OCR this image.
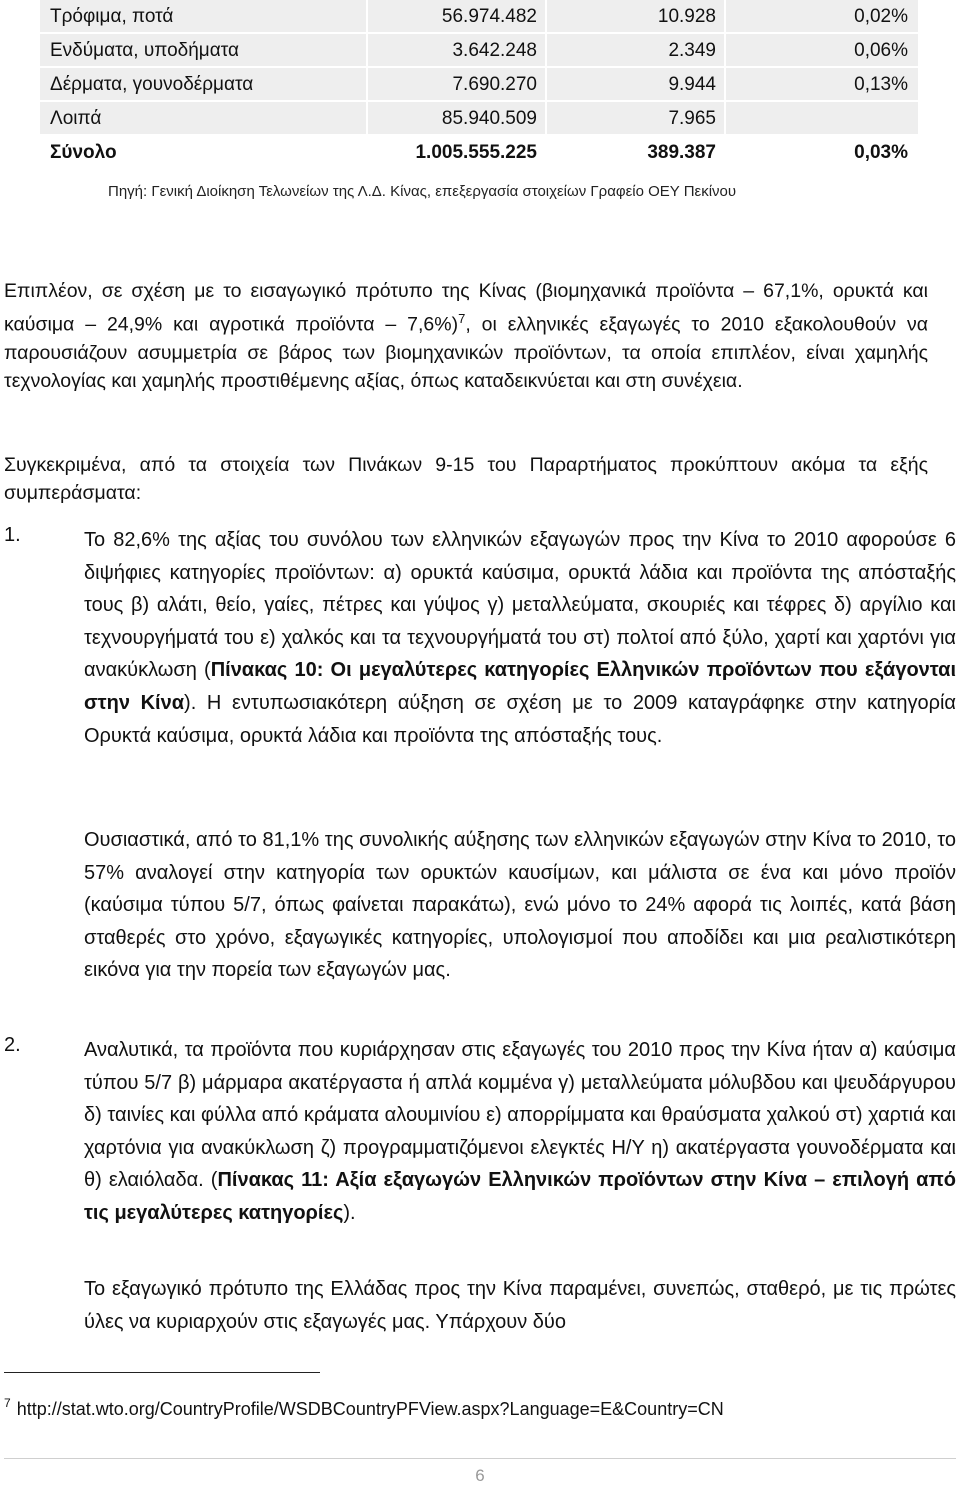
Τρόφιμα, ποτά	56.974.482	10.928	0,02%
Ενδύματα, υποδήματα	3.642.248	2.349	0,06%
Δέρματα, γουνοδέρματα	7.690.270	9.944	0,13%
Λοιπά	85.940.509	7.965
Σύνολο	1.005.555.225	389.387	0,03%
Πηγή: Γενική Διοίκηση Τελωνείων της Λ.Δ. Κίνας, επεξεργασία στοιχείων Γραφείο ΟΕΥ Πεκίνου
Επιπλέον, σε σχέση με το εισαγωγικό πρότυπο της Κίνας (βιομηχανικά προϊόντα – 67,1%, ορυκτά και καύσιμα – 24,9% και αγροτικά προϊόντα – 7,6%)$^7$, οι ελληνικές εξαγωγές το 2010 εξακολουθούν να παρουσιάζουν ασυμμετρία σε βάρος των βιομηχανικών προϊόντων, τα οποία επιπλέον, είναι χαμηλής τεχνολογίας και χαμηλής προστιθέμενης αξίας, όπως καταδεικνύεται και στη συνέχεια.
Συγκεκριμένα, από τα στοιχεία των Πινάκων 9-15 του Παραρτήματος προκύπτουν ακόμα τα εξής συμπεράσματα:
1.	Το 82,6% της αξίας του συνόλου των ελληνικών εξαγωγών προς την Κίνα το 2010 αφορούσε 6 διψήφιες κατηγορίες προϊόντων: α) ορυκτά καύσιμα, ορυκτά λάδια και προϊόντα της απόσταξής τους β) αλάτι, θείο, γαίες, πέτρες και γύψος γ) μεταλλεύματα, σκουριές και τέφρες δ) αργίλιο και τεχνουργήματά του ε) χαλκός και τα τεχνουργήματά του στ) πολτοί από ξύλο, χαρτί και χαρτόνι για ανακύκλωση (Πίνακας 10: Οι μεγαλύτερες κατηγορίες Ελληνικών προϊόντων που εξάγονται στην Κίνα). Η εντυπωσιακότερη αύξηση σε σχέση με το 2009 καταγράφηκε στην κατηγορία Ορυκτά καύσιμα, ορυκτά λάδια και προϊόντα της απόσταξής τους.
Ουσιαστικά, από το 81,1% της συνολικής αύξησης των ελληνικών εξαγωγών στην Κίνα το 2010, το 57% αναλογεί στην κατηγορία των ορυκτών καυσίμων, και μάλιστα σε ένα και μόνο προϊόν (καύσιμα τύπου 5/7, όπως φαίνεται παρακάτω), ενώ μόνο το 24% αφορά τις λοιπές, κατά βάση σταθερές στο χρόνο, εξαγωγικές κατηγορίες, υπολογισμοί που αποδίδει και μια ρεαλιστικότερη εικόνα για την πορεία των εξαγωγών μας.
2.	Αναλυτικά, τα προϊόντα που κυριάρχησαν στις εξαγωγές του 2010 προς την Κίνα ήταν α) καύσιμα τύπου 5/7 β) μάρμαρα ακατέργαστα ή απλά κομμένα γ) μεταλλεύματα μόλυβδου και ψευδάργυρου δ) ταινίες και φύλλα από κράματα αλουμινίου ε) απορρίμματα και θραύσματα χαλκού στ) χαρτιά και χαρτόνια για ανακύκλωση ζ) προγραμματιζόμενοι ελεγκτές Η/Υ η) ακατέργαστα γουνοδέρματα και θ) ελαιόλαδα. (Πίνακας 11: Αξία εξαγωγών Ελληνικών προϊόντων στην Κίνα – επιλογή από τις μεγαλύτερες κατηγορίες).
Το εξαγωγικό πρότυπο της Ελλάδας προς την Κίνα παραμένει, συνεπώς, σταθερό, με τις πρώτες ύλες να κυριαρχούν στις εξαγωγές μας. Υπάρχουν δύο
$^7$ http://stat.wto.org/CountryProfile/WSDBCountryPFView.aspx?Language=E&Country=CN
6
